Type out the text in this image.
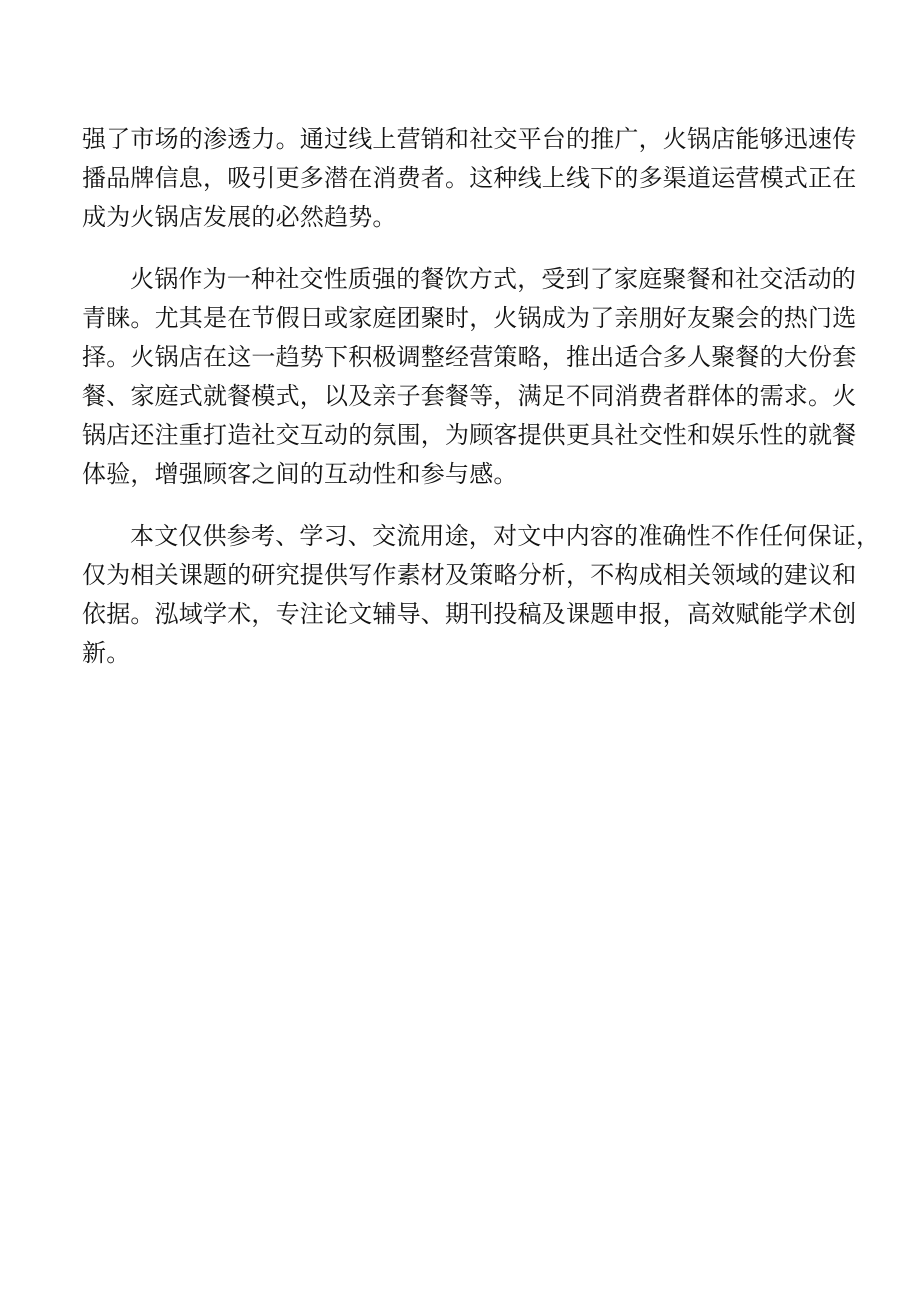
强了市场的渗透力。通过线上营销和社交平台的推广，火锅店能够迅速传
播品牌信息，吸引更多潜在消费者。这种线上线下的多渠道运营模式正在
成为火锅店发展的必然趋势。
火锅作为一种社交性质强的餐饮方式，受到了家庭聚餐和社交活动的
青睐。尤其是在节假日或家庭团聚时，火锅成为了亲朋好友聚会的热门选
择。火锅店在这一趋势下积极调整经营策略，推出适合多人聚餐的大份套
餐、家庭式就餐模式，以及亲子套餐等，满足不同消费者群体的需求。火
锅店还注重打造社交互动的氛围，为顾客提供更具社交性和娱乐性的就餐
体验，增强顾客之间的互动性和参与感。
本文仅供参考、学习、交流用途，对文中内容的准确性不作任何保证，
仅为相关课题的研究提供写作素材及策略分析，不构成相关领域的建议和
依据。泓域学术，专注论文辅导、期刊投稿及课题申报，高效赋能学术创
新。
